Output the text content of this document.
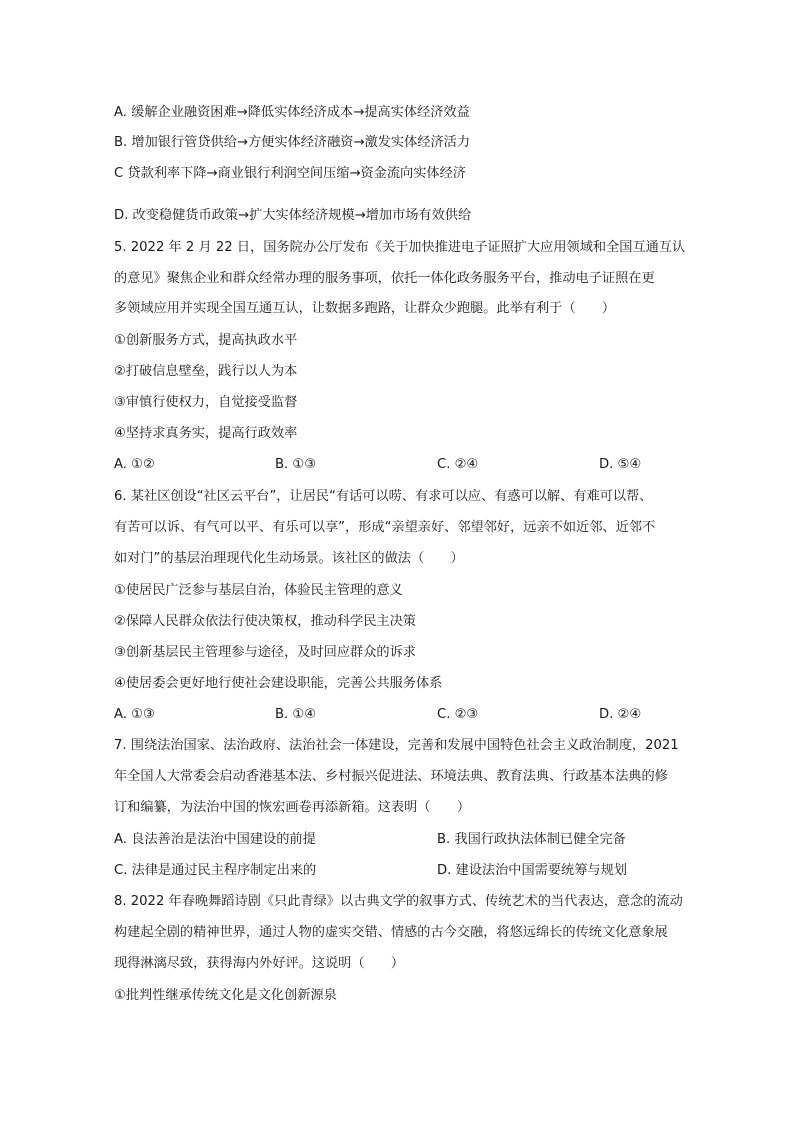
A. 缓解企业融资困难→降低实体经济成本→提高实体经济效益
B. 增加银行管贷供给→方便实体经济融资→激发实体经济活力
C 贷款利率下降→商业银行利润空间压缩→资金流向实体经济
D. 改变稳健货币政策→扩大实体经济规模→增加市场有效供给
5. 2022 年 2 月 22 日，国务院办公厅发布《关于加快推进电子证照扩大应用领域和全国互通互认
的意见》聚焦企业和群众经常办理的服务事项，依托一体化政务服务平台，推动电子证照在更
多领域应用并实现全国互通互认，让数据多跑路，让群众少跑腿。此举有利于（　　）
①创新服务方式，提高执政水平
②打破信息壁垒，践行以人为本
③审慎行使权力，自觉接受监督
④坚持求真务实，提高行政效率
A. ①②	B. ①③	C. ②④	D. ⑤④
6. 某社区创设“社区云平台”，让居民“有话可以唠、有求可以应、有惑可以解、有难可以帮、
有苦可以诉、有气可以平、有乐可以享”，形成“亲望亲好、邻望邻好，远亲不如近邻、近邻不
如对门”的基层治理现代化生动场景。该社区的做法（　　）
①使居民广泛参与基层自治，体验民主管理的意义
②保障人民群众依法行使决策权，推动科学民主决策
③创新基层民主管理参与途径，及时回应群众的诉求
④使居委会更好地行使社会建设职能，完善公共服务体系
A. ①③	B. ①④	C. ②③	D. ②④
7. 围绕法治国家、法治政府、法治社会一体建设，完善和发展中国特色社会主义政治制度，2021
年全国人大常委会启动香港基本法、乡村振兴促进法、环境法典、教育法典、行政基本法典的修
订和编纂，为法治中国的恢宏画卷再添新箱。这表明（　　）
A. 良法善治是法治中国建设的前提	B. 我国行政执法体制已健全完备
C. 法律是通过民主程序制定出来的	D. 建设法治中国需要统筹与规划
8. 2022 年春晚舞蹈诗剧《只此青绿》以古典文学的叙事方式、传统艺术的当代表达，意念的流动
构建起全剧的精神世界，通过人物的虚实交错、情感的古今交融，将悠远绵长的传统文化意象展
现得淋漓尽致，获得海内外好评。这说明（　　）
①批判性继承传统文化是文化创新源泉
